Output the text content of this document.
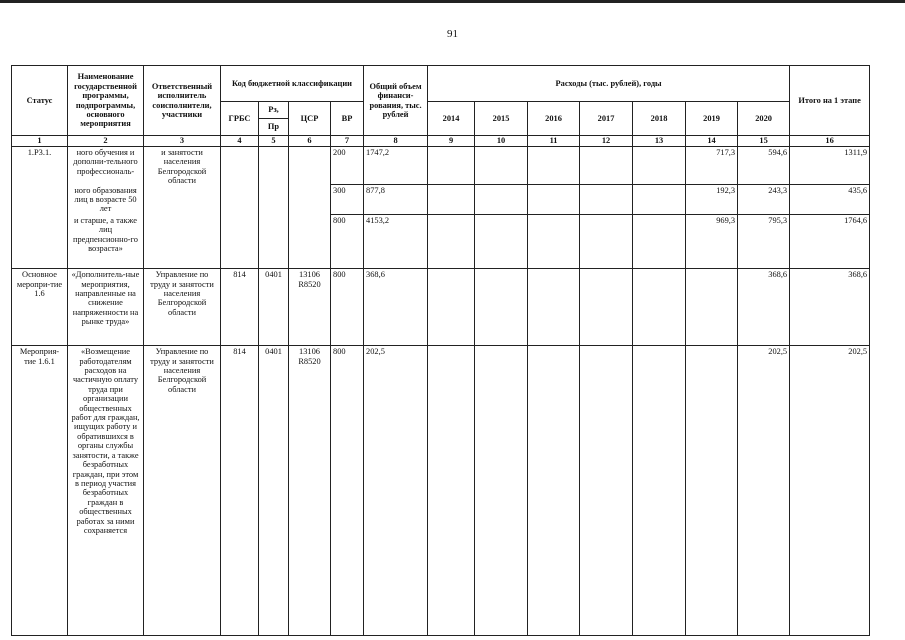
91
Статус	Наименование государственной программы, подпрограммы, основного мероприятия	Ответственный исполнитель соисполнители, участники	Код бюджетной классификации				Общий объем финанси-рования, тыс. рублей	Расходы (тыс. рублей), годы							Итого на 1 этапе
			ГРБС	Рз,	ЦСР	ВР		2014	2015	2016	2017	2018	2019	2020	
				Пр											
1	2	3	4	5	6	7	8	9	10	11	12	13	14	15	16
1.Р3.1.	ного обучения и дополни-тельного профессиональ-	и занятости населения Белгородской области				200	1747,2						717,3	594,6	1311,9
	ного образования лиц в возрасте 50 лет					300	877,8						192,3	243,3	435,6
	и старше, а также лиц предпенсионно-го возраста»					800	4153,2						969,3	795,3	1764,6
Основное меропри-тие 1.6	«Дополнитель-ные мероприятия, направленные на снижение напряженности на рынке труда»	Управление по труду и занятости населения Белгородской области	814	0401	13106 R8520	800	368,6							368,6	368,6
Мероприя-тие 1.6.1	«Возмещение работодателям расходов на частичную оплату труда при организации общественных работ для граждан, ищущих работу и обратившихся в органы службы занятости, а также безработных граждан, при этом в период участия безработных граждан в общественных работах за ними сохраняется	Управление по труду и занятости населения Белгородской области	814	0401	13106 R8520	800	202,5							202,5	202,5
